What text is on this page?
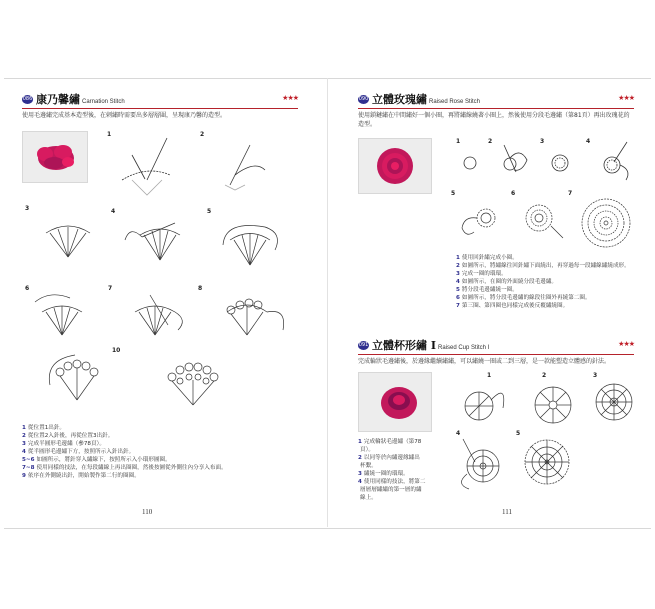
086 康乃馨繡 Carnation Stitch	★★★
使用毛邊繡完成基本造型後，在刺繡時需要出多層層圍，呈現康乃馨的造型。
1	2
3	4	5
6	7	8
10
1 從位置1出針。
2 從位置2入針後，再從位置3出針。
3 完成半圓形毛邊繡（參78頁）。
4 從半圓形毛邊繡下方，按照所示入針出針。
5~6 如圖所示，將針穿入繡線下，按照所示入小環形圖圈。
7~8 使用同樣的技法，在每段繡線上再出圈圈，然後按圖從外側往內分享入布面。
9 依序在外側繞出針，開始製作第二行的圈圈。
110
090 立體玫瑰繡 Raised Rose Stitch	★★★
使用鎖鏈繡在中間繡好一個小圈，再將繡線繞著小圈上，然後使用分段毛邊繡（第81頁）再出玫瑰花的造型。
1	2	3	4
5	6	7
1 使用回針繡完成小圈。
2 如圖所示，將繡線往回針繡下面繞出，再穿過每一段繡線繡繞成形。
3 完成一圈的環環。
4 如圖所示，在圈的外面繞分段毛邊繡。
5 將分段毛邊繡繞一圈。
6 如圖所示，將分段毛邊繡的線段往圈外再繞第二圈。
7 第三圈、第四圈也同樣完成後反覆繡繞圈。
091 立體杯形繡 I Raised Cup Stitch I	★★★
完成輪狀毛邊繡後，於邊緣繼續繡繡，可以繡繞一圈或二到三層，是一款能塑造立體感的針法。
1	2	3
4	5
1 完成輪狀毛邊繡（第78
頁）。
2 以同等於內繡邊緣繡出
杯繫。
3 繡繞一圈的環環。
4 使用同樣的技法，將第二
層層層繡繡的第一層的繡
線上。
111
